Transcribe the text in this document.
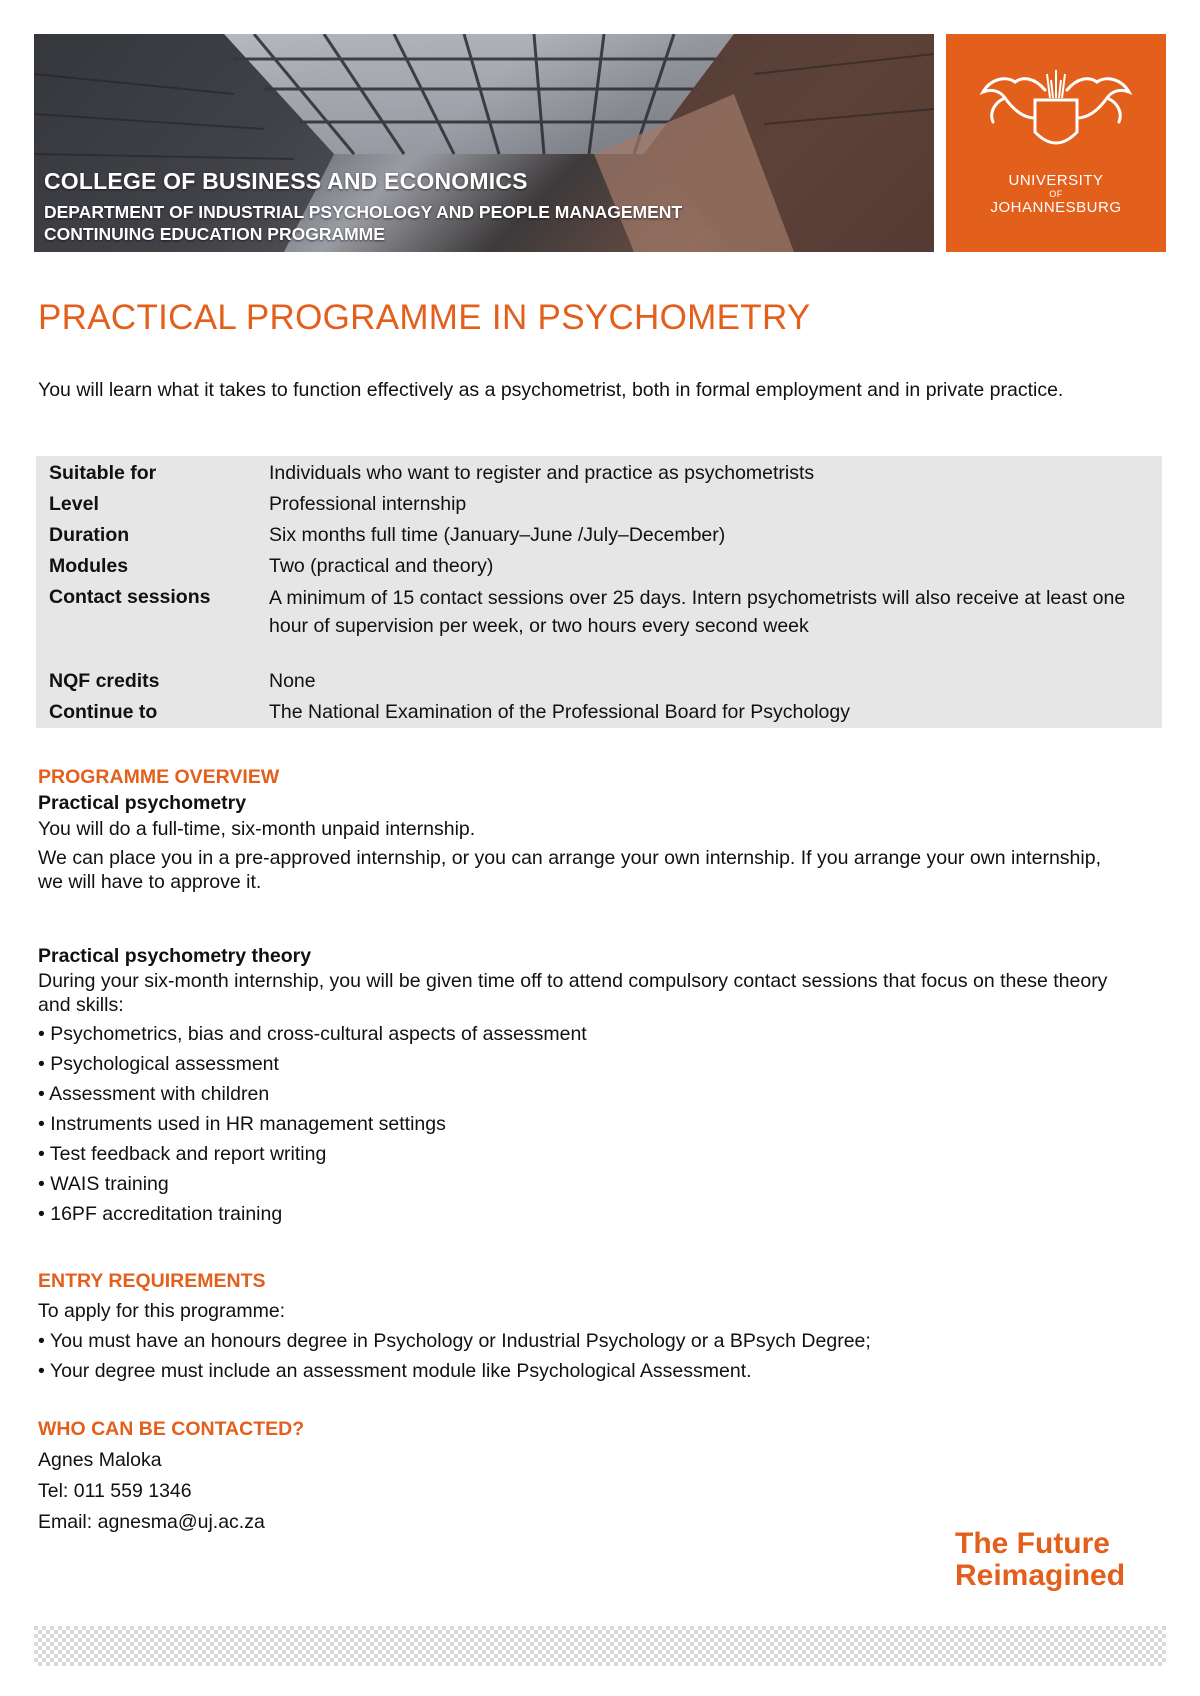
COLLEGE OF BUSINESS AND ECONOMICS
DEPARTMENT OF INDUSTRIAL PSYCHOLOGY AND PEOPLE MANAGEMENT
CONTINUING EDUCATION PROGRAMME
UNIVERSITY
OF
JOHANNESBURG
PRACTICAL PROGRAMME IN PSYCHOMETRY
You will learn what it takes to function effectively as a psychometrist, both in formal employment and in private practice.
Suitable for	Individuals who want to register and practice as psychometrists
Level	Professional internship
Duration	Six months full time (January–June /July–December)
Modules	Two (practical and theory)
Contact sessions	A minimum of 15 contact sessions over 25 days. Intern psychometrists will also receive at least one hour of supervision per week, or two hours every second week
NQF credits	None
Continue to	The National Examination of the Professional Board for Psychology
PROGRAMME OVERVIEW
Practical psychometry

You will do a full-time, six-month unpaid internship.

We can place you in a pre-approved internship, or you can arrange your own internship. If you arrange your own internship, we will have to approve it.

Practical psychometry theory

During your six-month internship, you will be given time off to attend compulsory contact sessions that focus on these theory and skills:

• Psychometrics, bias and cross-cultural aspects of assessment
• Psychological assessment
• Assessment with children
• Instruments used in HR management settings
• Test feedback and report writing
• WAIS training
• 16PF accreditation training
ENTRY REQUIREMENTS
To apply for this programme:
• You must have an honours degree in Psychology or Industrial Psychology or a BPsych Degree;
• Your degree must include an assessment module like Psychological Assessment.
WHO CAN BE CONTACTED?
Agnes Maloka
Tel: 011 559 1346
Email: agnesma@uj.ac.za
The Future
Reimagined
